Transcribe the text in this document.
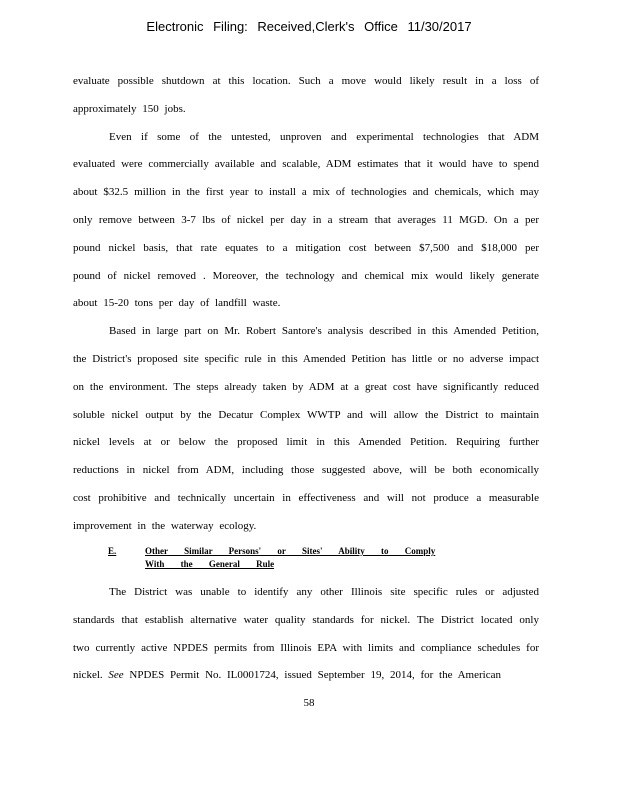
Electronic Filing: Received,Clerk's Office 11/30/2017

evaluate possible shutdown at this location. Such a move would likely result in a loss of approximately 150 jobs.

Even if some of the untested, unproven and experimental technologies that ADM evaluated were commercially available and scalable, ADM estimates that it would have to spend about $32.5 million in the first year to install a mix of technologies and chemicals, which may only remove between 3-7 lbs of nickel per day in a stream that averages 11 MGD. On a per pound nickel basis, that rate equates to a mitigation cost between $7,500 and $18,000 per pound of nickel removed . Moreover, the technology and chemical mix would likely generate about 15-20 tons per day of landfill waste.

Based in large part on Mr. Robert Santore's analysis described in this Amended Petition, the District's proposed site specific rule in this Amended Petition has little or no adverse impact on the environment. The steps already taken by ADM at a great cost have significantly reduced soluble nickel output by the Decatur Complex WWTP and will allow the District to maintain nickel levels at or below the proposed limit in this Amended Petition. Requiring further reductions in nickel from ADM, including those suggested above, will be both economically cost prohibitive and technically uncertain in effectiveness and will not produce a measurable improvement in the waterway ecology.

E.	Other Similar Persons' or Sites' Ability to Comply With the General Rule

The District was unable to identify any other Illinois site specific rules or adjusted standards that establish alternative water quality standards for nickel. The District located only two currently active NPDES permits from Illinois EPA with limits and compliance schedules for nickel. See NPDES Permit No. IL0001724, issued September 19, 2014, for the American

58
